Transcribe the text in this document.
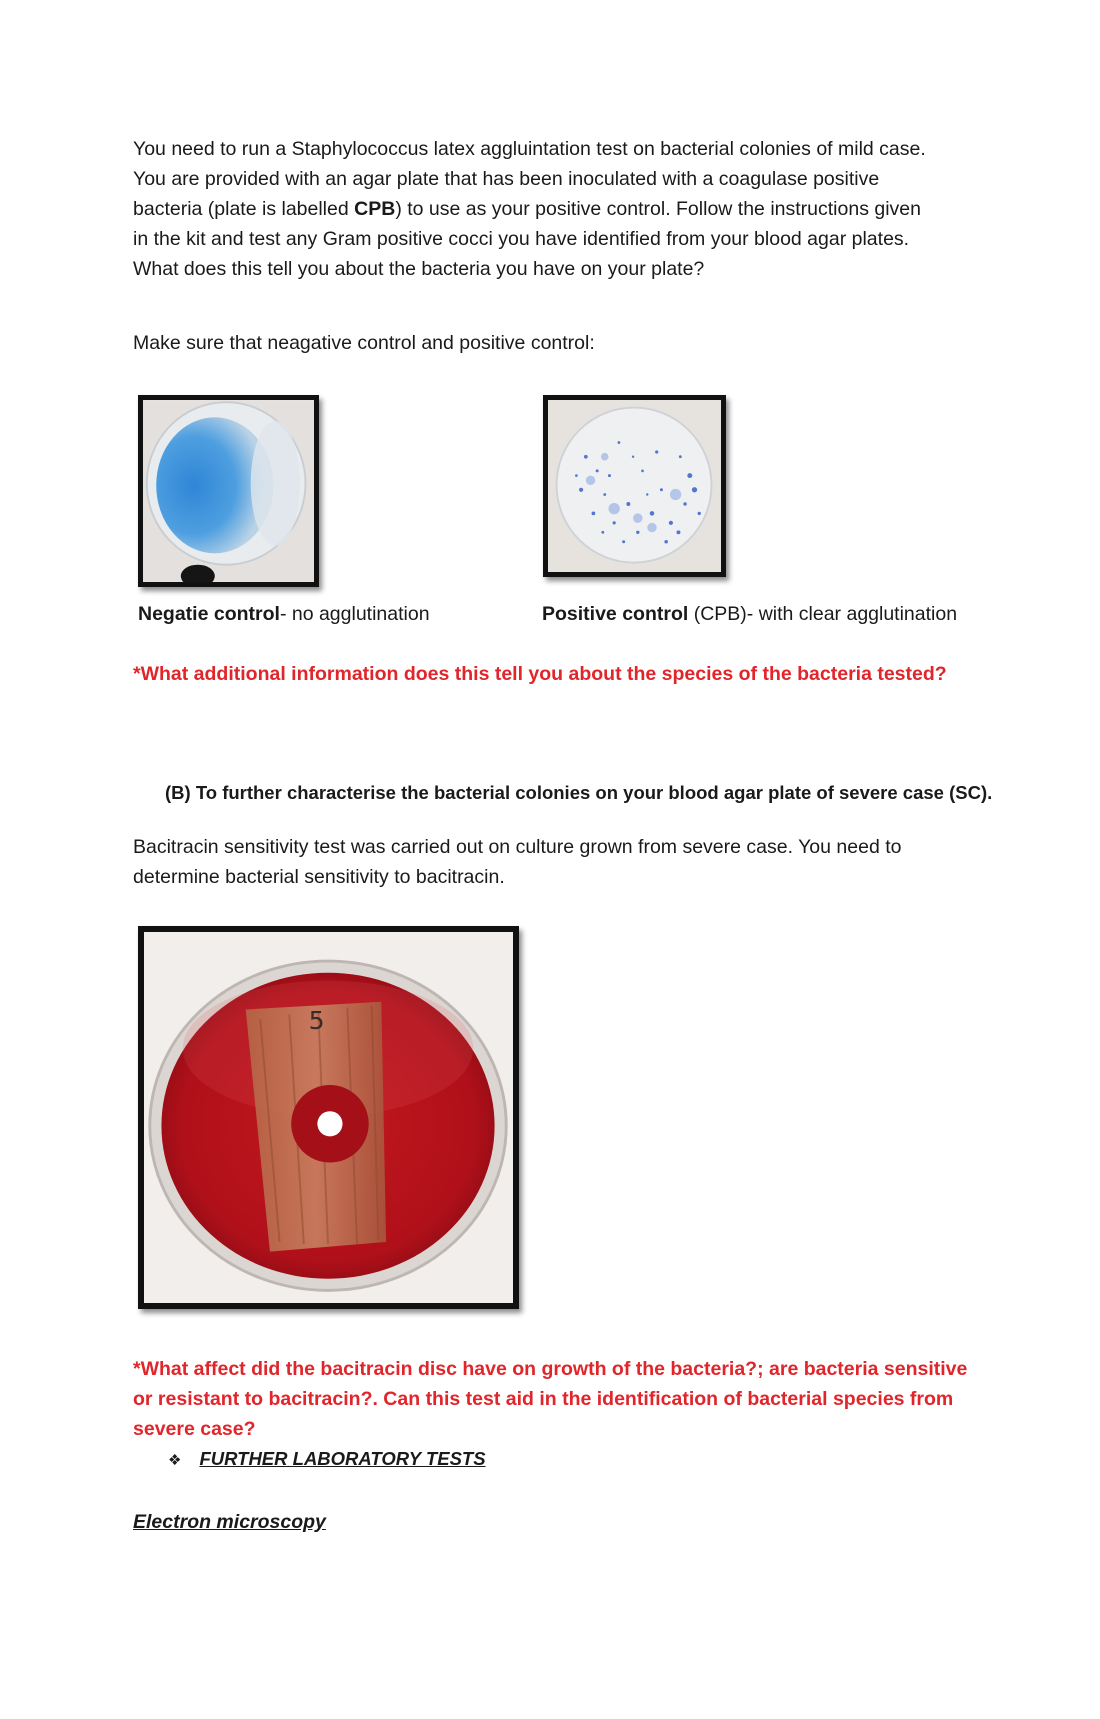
You need to run a Staphylococcus latex aggluintation test on bacterial colonies of mild case.

You are provided with an agar plate that has been inoculated with a coagulase positive

bacteria (plate is labelled CPB) to use as your positive control. Follow the instructions given

in the kit and test any Gram positive cocci you have identified from your blood agar plates.

What does this tell you about the bacteria you have on your plate?

Make sure that neagative control and positive control:

Negatie control- no agglutination	Positive control (CPB)- with clear agglutination

*What additional information does this tell you about the species of the bacteria tested?

(B) To further characterise the bacterial colonies on your blood agar plate of severe case (SC).

Bacitracin sensitivity test was carried out on culture grown from severe case. You need to

determine bacterial sensitivity to bacitracin.

5

*What affect did the bacitracin disc have on growth of the bacteria?; are bacteria sensitive

or resistant to bacitracin?. Can this test aid in the identification of bacterial species from

severe case?

❖ FURTHER LABORATORY TESTS
Electron microscopy
